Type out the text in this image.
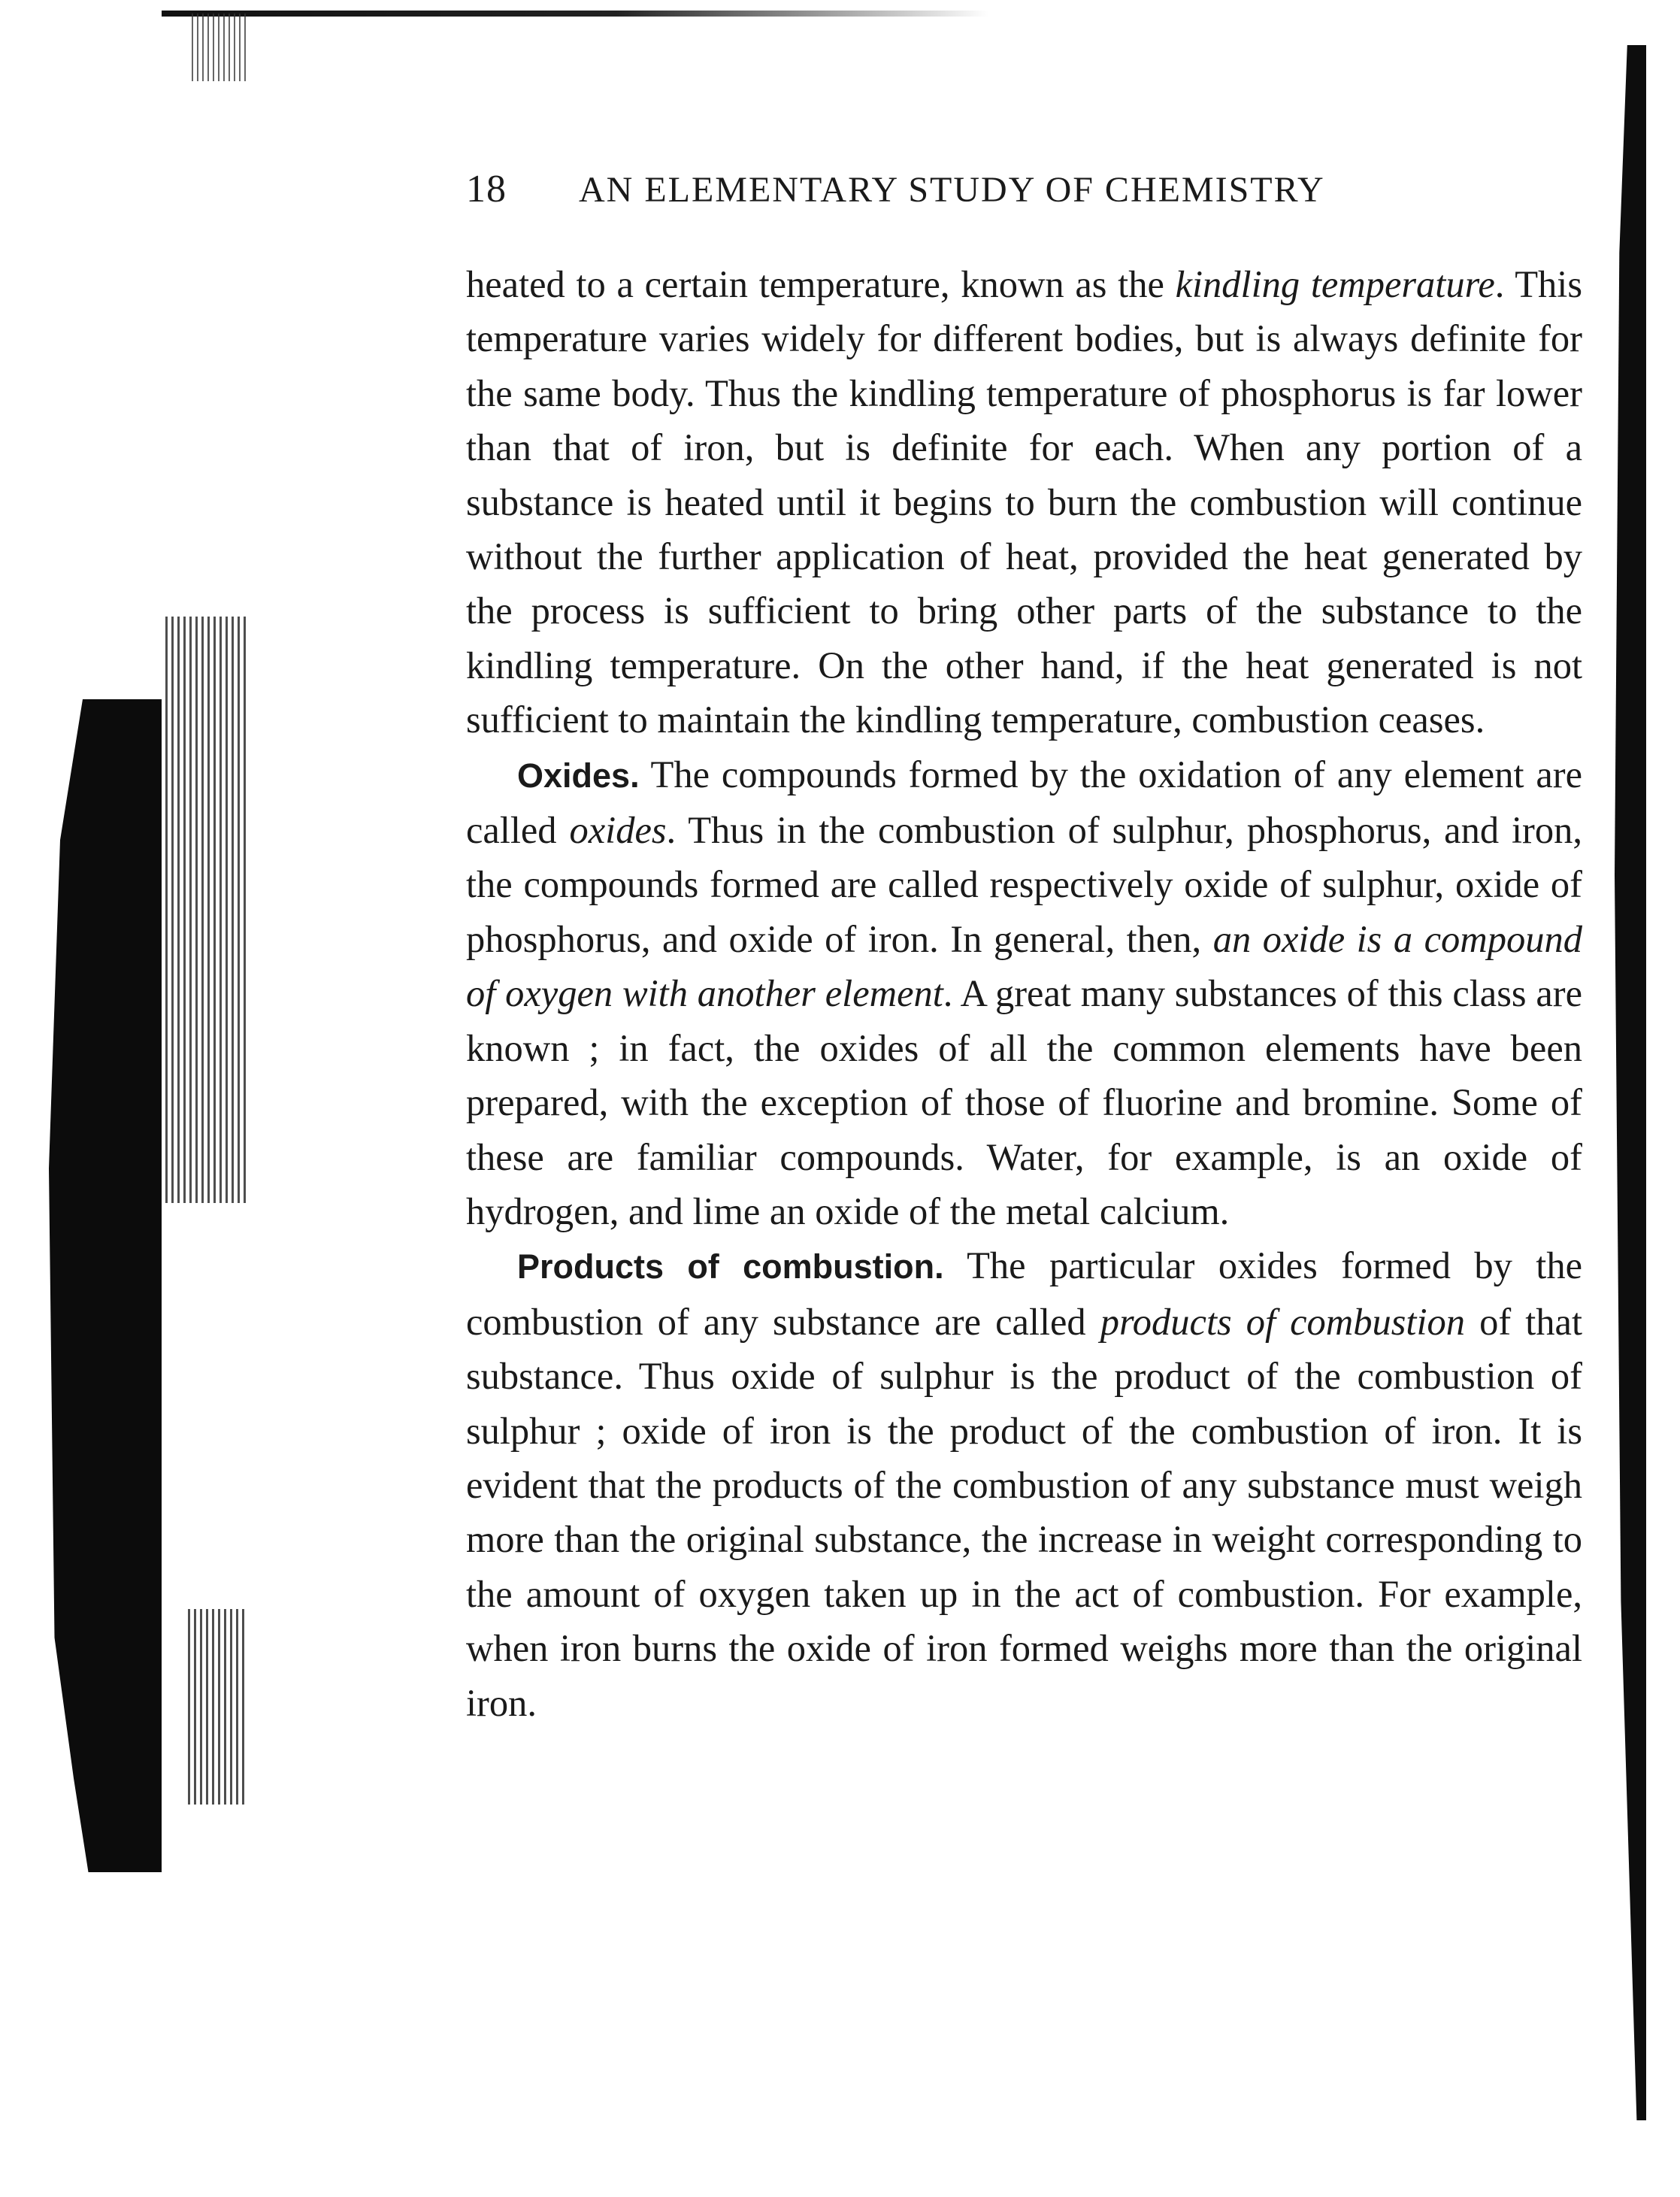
18	AN ELEMENTARY STUDY OF CHEMISTRY

heated to a certain temperature, known as the kindling temperature. This temperature varies widely for different bodies, but is always definite for the same body. Thus the kindling temperature of phosphorus is far lower than that of iron, but is definite for each. When any portion of a substance is heated until it begins to burn the combustion will continue without the further application of heat, provided the heat generated by the process is sufficient to bring other parts of the substance to the kindling temperature. On the other hand, if the heat generated is not sufficient to maintain the kindling temperature, combustion ceases.

Oxides. The compounds formed by the oxidation of any element are called oxides. Thus in the combustion of sulphur, phosphorus, and iron, the compounds formed are called respectively oxide of sulphur, oxide of phosphorus, and oxide of iron. In general, then, an oxide is a compound of oxygen with another element. A great many substances of this class are known ; in fact, the oxides of all the common elements have been prepared, with the exception of those of fluorine and bromine. Some of these are familiar compounds. Water, for example, is an oxide of hydrogen, and lime an oxide of the metal calcium.

Products of combustion. The particular oxides formed by the combustion of any substance are called products of combustion of that substance. Thus oxide of sulphur is the product of the combustion of sulphur ; oxide of iron is the product of the combustion of iron. It is evident that the products of the combustion of any substance must weigh more than the original substance, the increase in weight corresponding to the amount of oxygen taken up in the act of combustion. For example, when iron burns the oxide of iron formed weighs more than the original iron.
